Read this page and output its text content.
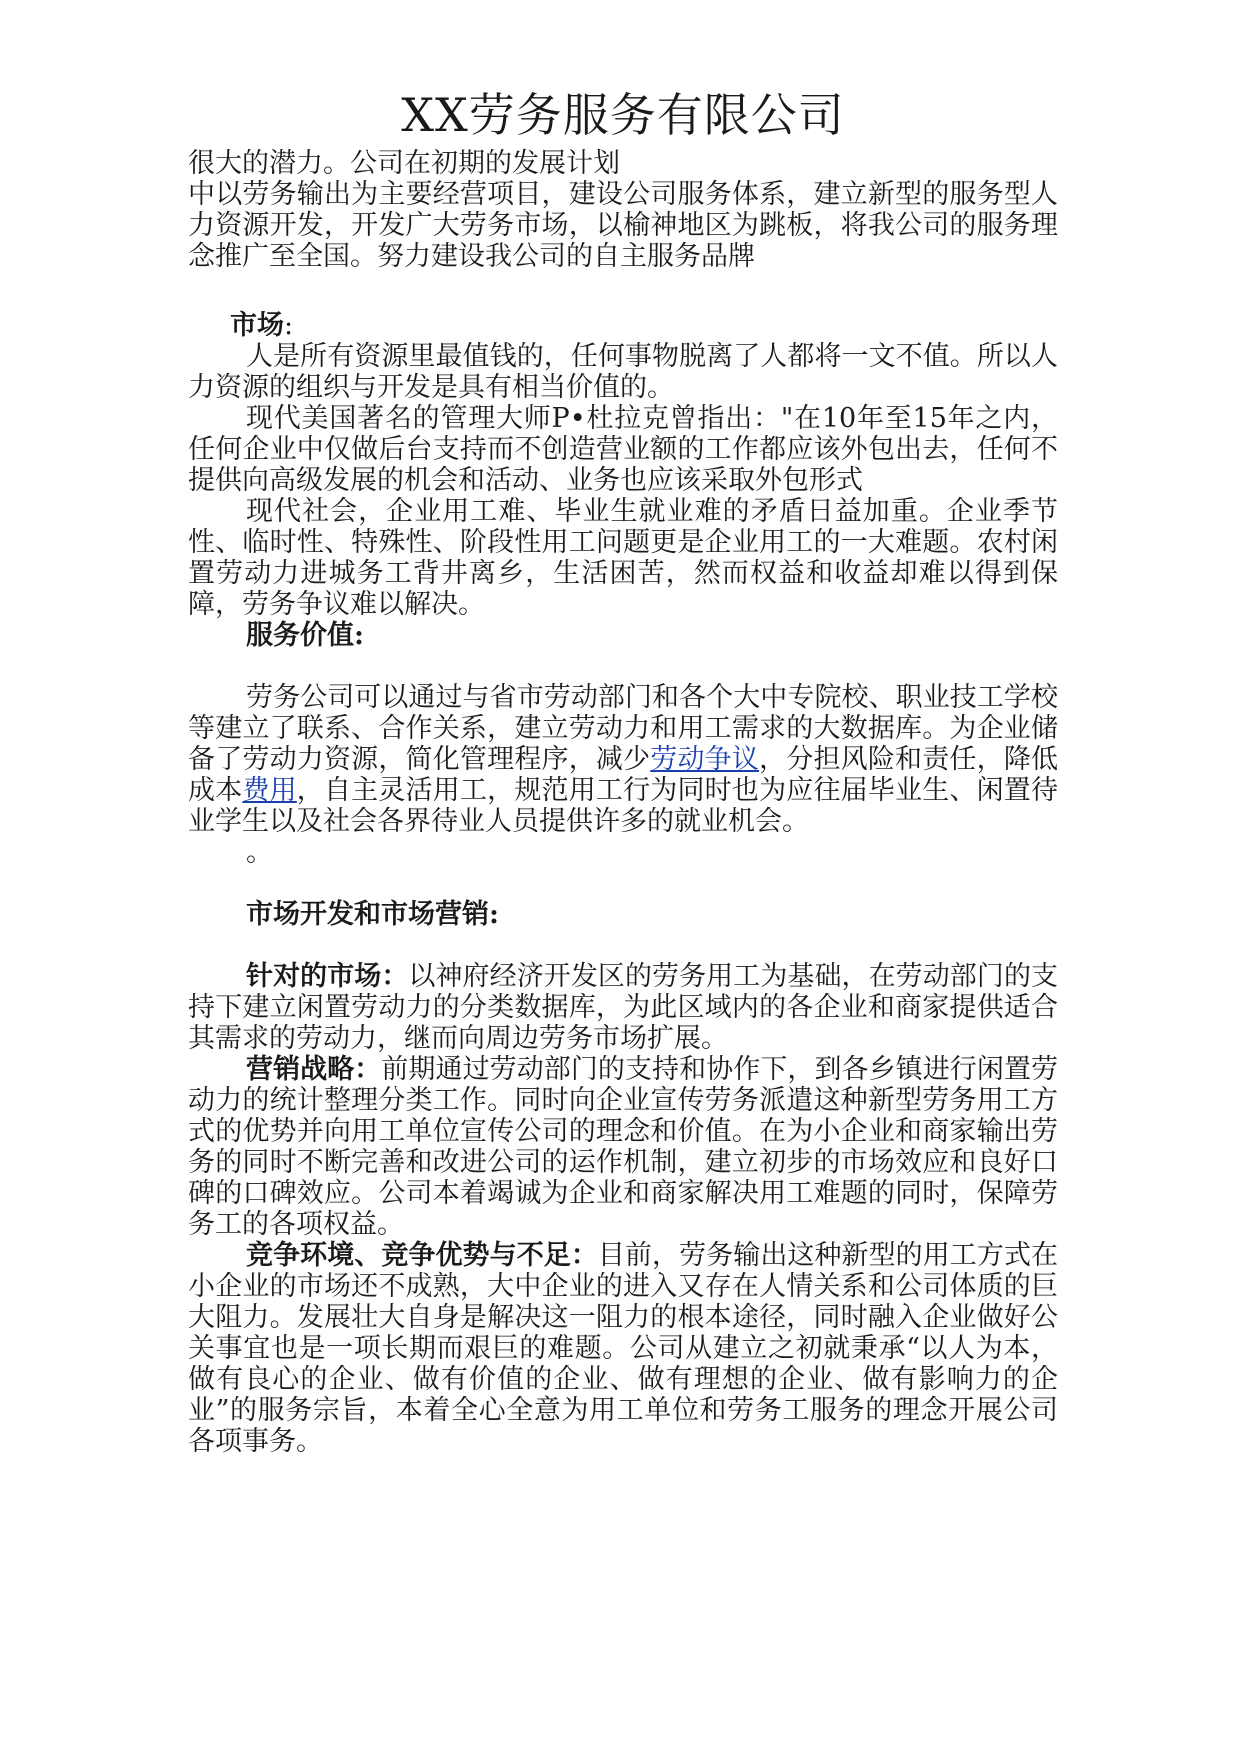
XX劳务服务有限公司

很大的潜力。公司在初期的发展计划

中以劳务输出为主要经营项目，建设公司服务体系，建立新型的服务型人力资源开发，开发广大劳务市场，以榆神地区为跳板，将我公司的服务理念推广至全国。努力建设我公司的自主服务品牌

市场:

人是所有资源里最值钱的，任何事物脱离了人都将一文不值。所以人力资源的组织与开发是具有相当价值的。

现代美国著名的管理大师P•杜拉克曾指出："在10年至15年之内，任何企业中仅做后台支持而不创造营业额的工作都应该外包出去，任何不提供向高级发展的机会和活动、业务也应该采取外包形式

现代社会，企业用工难、毕业生就业难的矛盾日益加重。企业季节性、临时性、特殊性、阶段性用工问题更是企业用工的一大难题。农村闲置劳动力进城务工背井离乡，生活困苦，然而权益和收益却难以得到保障，劳务争议难以解决。

服务价值:

劳务公司可以通过与省市劳动部门和各个大中专院校、职业技工学校等建立了联系、合作关系，建立劳动力和用工需求的大数据库。为企业储备了劳动力资源，简化管理程序，减少劳动争议，分担风险和责任，降低成本费用，自主灵活用工，规范用工行为同时也为应往届毕业生、闲置待业学生以及社会各界待业人员提供许多的就业机会。

。

市场开发和市场营销:

针对的市场：以神府经济开发区的劳务用工为基础，在劳动部门的支持下建立闲置劳动力的分类数据库，为此区域内的各企业和商家提供适合其需求的劳动力，继而向周边劳务市场扩展。

营销战略：前期通过劳动部门的支持和协作下，到各乡镇进行闲置劳动力的统计整理分类工作。同时向企业宣传劳务派遣这种新型劳务用工方式的优势并向用工单位宣传公司的理念和价值。在为小企业和商家输出劳务的同时不断完善和改进公司的运作机制，建立初步的市场效应和良好口碑的口碑效应。公司本着竭诚为企业和商家解决用工难题的同时，保障劳务工的各项权益。

竞争环境、竞争优势与不足：目前，劳务输出这种新型的用工方式在小企业的市场还不成熟，大中企业的进入又存在人情关系和公司体质的巨大阻力。发展壮大自身是解决这一阻力的根本途径，同时融入企业做好公关事宜也是一项长期而艰巨的难题。公司从建立之初就秉承“以人为本，做有良心的企业、做有价值的企业、做有理想的企业、做有影响力的企业”的服务宗旨，本着全心全意为用工单位和劳务工服务的理念开展公司各项事务。
